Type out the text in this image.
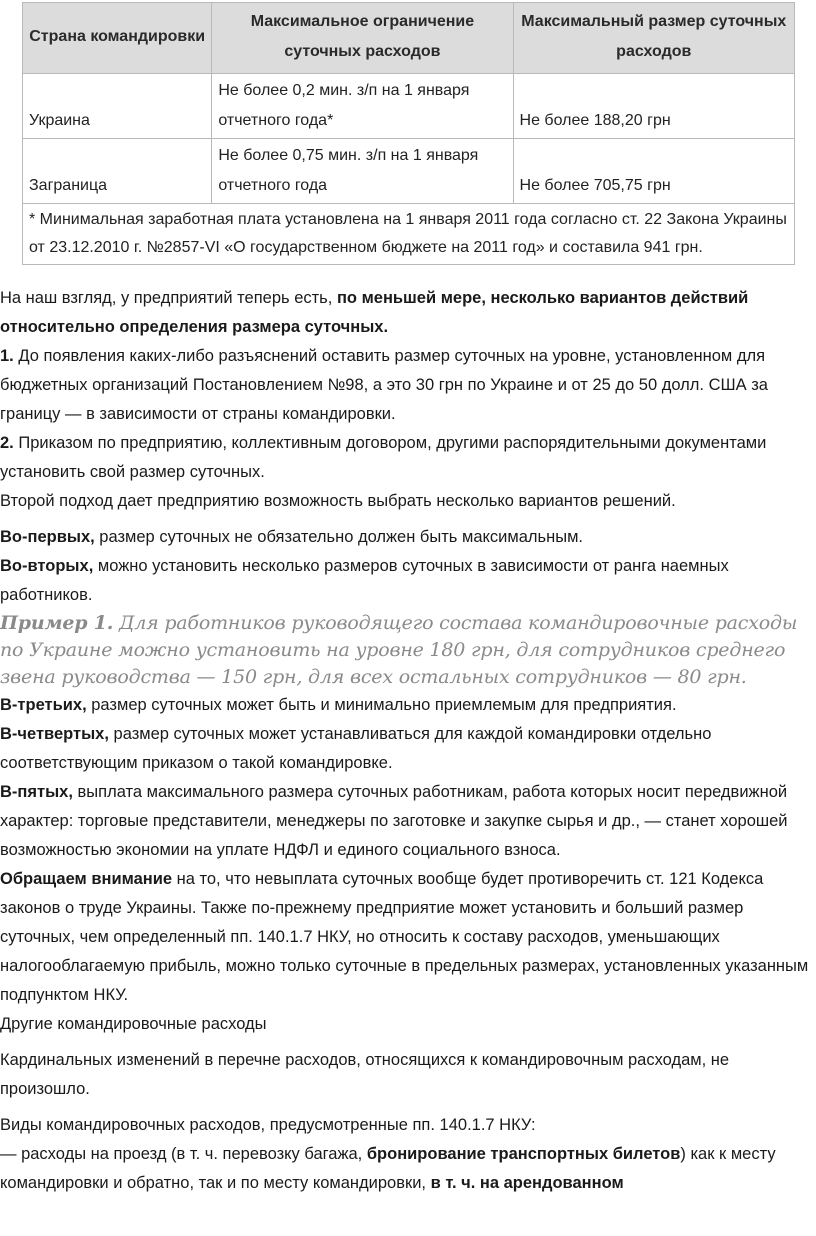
Страна командировки	Максимальное ограничение суточных расходов	Максимальный размер суточных расходов
Украина	Не более 0,2 мин. з/п на 1 января отчетного года*	Не более 188,20 грн
Заграница	Не более 0,75 мин. з/п на 1 января отчетного года	Не более 705,75 грн
* Минимальная заработная плата установлена на 1 января 2011 года согласно ст. 22 Закона Украины от 23.12.2010 г. №2857-VI «О государственном бюджете на 2011 год» и составила 941 грн.		

На наш взгляд, у предприятий теперь есть, по меньшей мере, несколько вариантов действий относительно определения размера суточных.

1. До появления каких-либо разъяснений оставить размер суточных на уровне, установленном для бюджетных организаций Постановлением №98, а это 30 грн по Украине и от 25 до 50 долл. США за границу — в зависимости от страны командировки.

2. Приказом по предприятию, коллективным договором, другими распорядительными документами установить свой размер суточных.

Второй подход дает предприятию возможность выбрать несколько вариантов решений.

Во-первых, размер суточных не обязательно должен быть максимальным.

Во-вторых, можно установить несколько размеров суточных в зависимости от ранга наемных работников.

Пример 1. Для работников руководящего состава командировочные расходы по Украине можно установить на уровне 180 грн, для сотрудников среднего звена руководства — 150 грн, для всех остальных сотрудников — 80 грн.

В-третьих, размер суточных может быть и минимально приемлемым для предприятия.

В-четвертых, размер суточных может устанавливаться для каждой командировки отдельно соответствующим приказом о такой командировке.

В-пятых, выплата максимального размера суточных работникам, работа которых носит передвижной характер: торговые представители, менеджеры по заготовке и закупке сырья и др., — станет хорошей возможностью экономии на уплате НДФЛ и единого социального взноса.

Обращаем внимание на то, что невыплата суточных вообще будет противоречить ст. 121 Кодекса законов о труде Украины. Также по-прежнему предприятие может установить и больший размер суточных, чем определенный пп. 140.1.7 НКУ, но относить к составу расходов, уменьшающих налогооблагаемую прибыль, можно только суточные в предельных размерах, установленных указанным подпунктом НКУ.

Другие командировочные расходы

Кардинальных изменений в перечне расходов, относящихся к командировочным расходам, не произошло.

Виды командировочных расходов, предусмотренные пп. 140.1.7 НКУ:

— расходы на проезд (в т. ч. перевозку багажа, бронирование транспортных билетов) как к месту командировки и обратно, так и по месту командировки, в т. ч. на арендованном
